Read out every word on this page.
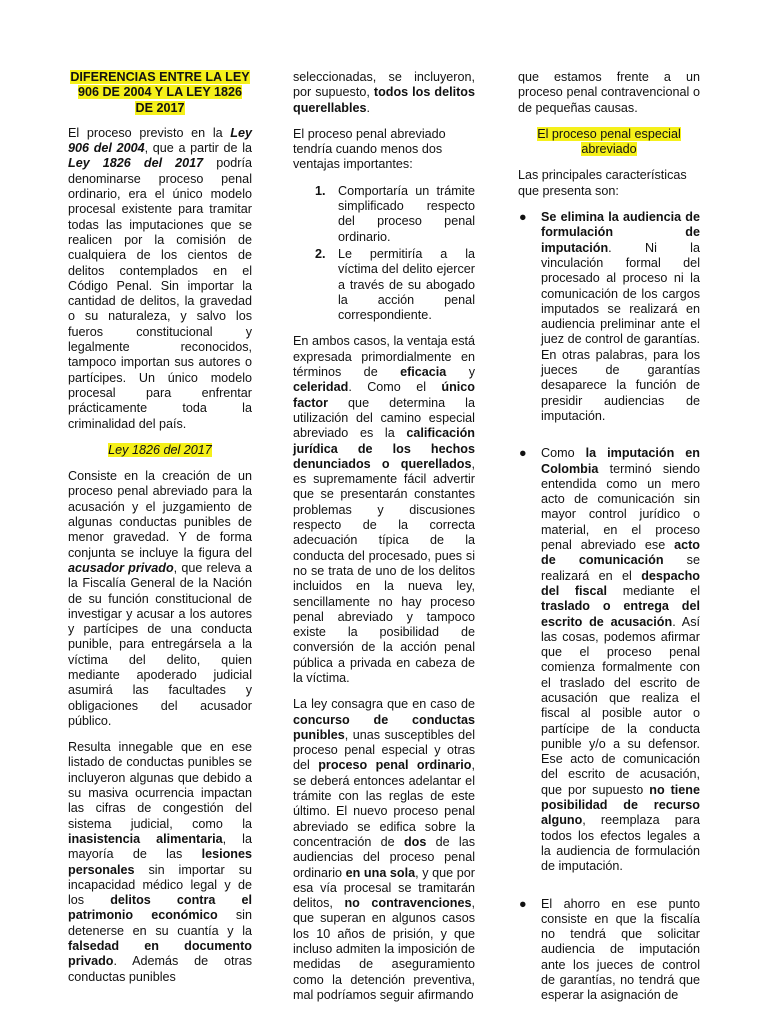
DIFERENCIAS ENTRE LA LEY 906 DE 2004 Y LA LEY 1826 DE 2017

El proceso previsto en la Ley 906 del 2004, que a partir de la Ley 1826 del 2017 podría denominarse proceso penal ordinario, era el único modelo procesal existente para tramitar todas las imputaciones que se realicen por la comisión de cualquiera de los cientos de delitos contemplados en el Código Penal. Sin importar la cantidad de delitos, la gravedad o su naturaleza, y salvo los fueros constitucional y legalmente reconocidos, tampoco importan sus autores o partícipes. Un único modelo procesal para enfrentar prácticamente toda la criminalidad del país.

Ley 1826 del 2017

Consiste en la creación de un proceso penal abreviado para la acusación y el juzgamiento de algunas conductas punibles de menor gravedad. Y de forma conjunta se incluye la figura del acusador privado, que releva a la Fiscalía General de la Nación de su función constitucional de investigar y acusar a los autores y partícipes de una conducta punible, para entregársela a la víctima del delito, quien mediante apoderado judicial asumirá las facultades y obligaciones del acusador público.

Resulta innegable que en ese listado de conductas punibles se incluyeron algunas que debido a su masiva ocurrencia impactan las cifras de congestión del sistema judicial, como la inasistencia alimentaria, la mayoría de las lesiones personales sin importar su incapacidad médico legal y de los delitos contra el patrimonio económico sin detenerse en su cuantía y la falsedad en documento privado. Además de otras conductas punibles

seleccionadas, se incluyeron, por supuesto, todos los delitos querellables.

El proceso penal abreviado tendría cuando menos dos ventajas importantes:

1. Comportaría un trámite simplificado respecto del proceso penal ordinario.
2. Le permitiría a la víctima del delito ejercer a través de su abogado la acción penal correspondiente.

En ambos casos, la ventaja está expresada primordialmente en términos de eficacia y celeridad. Como el único factor que determina la utilización del camino especial abreviado es la calificación jurídica de los hechos denunciados o querellados, es supremamente fácil advertir que se presentarán constantes problemas y discusiones respecto de la correcta adecuación típica de la conducta del procesado, pues si no se trata de uno de los delitos incluidos en la nueva ley, sencillamente no hay proceso penal abreviado y tampoco existe la posibilidad de conversión de la acción penal pública a privada en cabeza de la víctima.

La ley consagra que en caso de concurso de conductas punibles, unas susceptibles del proceso penal especial y otras del proceso penal ordinario, se deberá entonces adelantar el trámite con las reglas de este último. El nuevo proceso penal abreviado se edifica sobre la concentración de dos de las audiencias del proceso penal ordinario en una sola, y que por esa vía procesal se tramitarán delitos, no contravenciones, que superan en algunos casos los 10 años de prisión, y que incluso admiten la imposición de medidas de aseguramiento como la detención preventiva, mal podríamos seguir afirmando

que estamos frente a un proceso penal contravencional o de pequeñas causas.

El proceso penal especial abreviado

Las principales características que presenta son:

● Se elimina la audiencia de formulación de imputación. Ni la vinculación formal del procesado al proceso ni la comunicación de los cargos imputados se realizará en audiencia preliminar ante el juez de control de garantías. En otras palabras, para los jueces de garantías desaparece la función de presidir audiencias de imputación.
● Como la imputación en Colombia terminó siendo entendida como un mero acto de comunicación sin mayor control jurídico o material, en el proceso penal abreviado ese acto de comunicación se realizará en el despacho del fiscal mediante el traslado o entrega del escrito de acusación. Así las cosas, podemos afirmar que el proceso penal comienza formalmente con el traslado del escrito de acusación que realiza el fiscal al posible autor o partícipe de la conducta punible y/o a su defensor. Ese acto de comunicación del escrito de acusación, que por supuesto no tiene posibilidad de recurso alguno, reemplaza para todos los efectos legales a la audiencia de formulación de imputación.
● El ahorro en ese punto consiste en que la fiscalía no tendrá que solicitar audiencia de imputación ante los jueces de control de garantías, no tendrá que esperar la asignación de
